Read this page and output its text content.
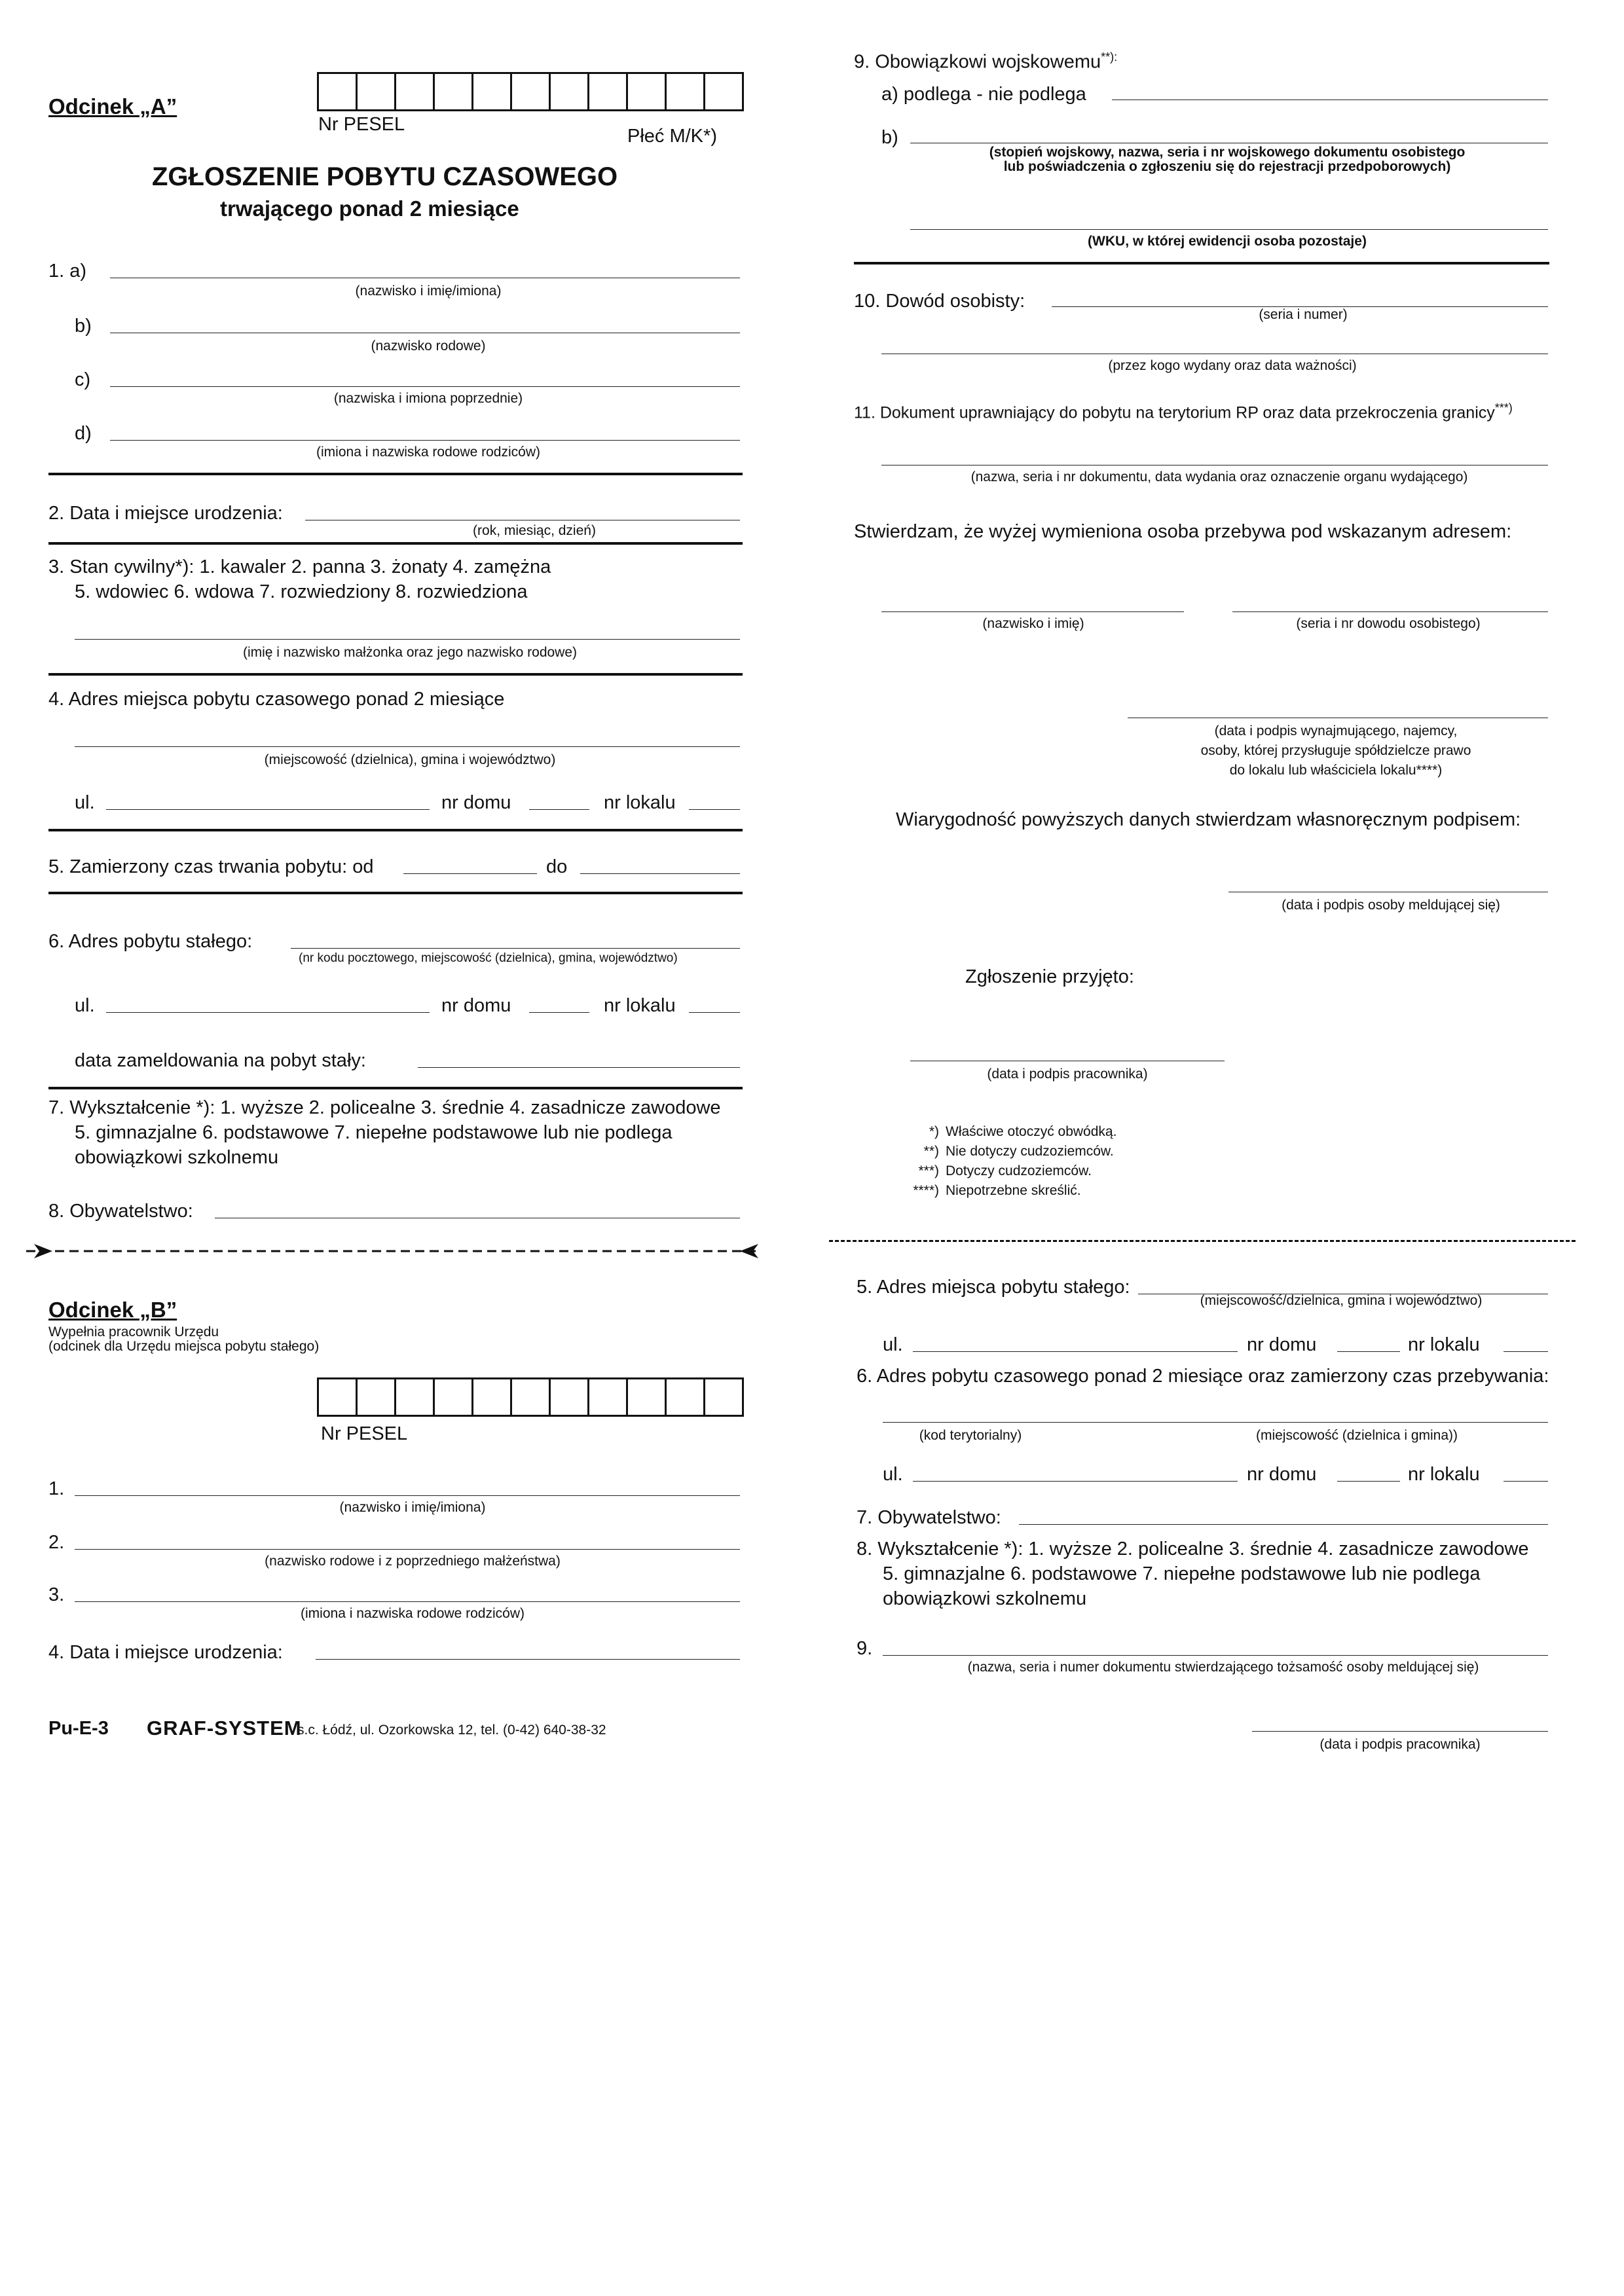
Odcinek „A”
Nr PESEL
Płeć M/K*)
ZGŁOSZENIE POBYTU CZASOWEGO
trwającego ponad 2 miesiące
1. a)
(nazwisko i imię/imiona)
b)
(nazwisko rodowe)
c)
(nazwiska i imiona poprzednie)
d)
(imiona i nazwiska rodowe rodziców)
2. Data i miejsce urodzenia:
(rok, miesiąc, dzień)
3. Stan cywilny*): 1. kawaler 2. panna 3. żonaty 4. zamężna
5. wdowiec 6. wdowa 7. rozwiedziony 8. rozwiedziona
(imię i nazwisko małżonka oraz jego nazwisko rodowe)
4. Adres miejsca pobytu czasowego ponad 2 miesiące
(miejscowość (dzielnica), gmina i województwo)
ul.	nr domu	nr lokalu
5. Zamierzony czas trwania pobytu: od	do
6. Adres pobytu stałego:
(nr kodu pocztowego, miejscowość (dzielnica), gmina, województwo)
ul.	nr domu	nr lokalu
data zameldowania na pobyt stały:
7. Wykształcenie *): 1. wyższe 2. policealne 3. średnie 4. zasadnicze zawodowe
5. gimnazjalne 6. podstawowe 7. niepełne podstawowe lub nie podlega
obowiązkowi szkolnemu
8. Obywatelstwo:
Odcinek „B”
Wypełnia pracownik Urzędu
(odcinek dla Urzędu miejsca pobytu stałego)
Nr PESEL
1.
(nazwisko i imię/imiona)
2.
(nazwisko rodowe i z poprzedniego małżeństwa)
3.
(imiona i nazwiska rodowe rodziców)
4. Data i miejsce urodzenia:
Pu-E-3 GRAF-SYSTEM
s.c. Łódź, ul. Ozorkowska 12, tel. (0-42) 640-38-32
9. Obowiązkowi wojskowemu**):
a) podlega - nie podlega
b)
(stopień wojskowy, nazwa, seria i nr wojskowego dokumentu osobistego
lub poświadczenia o zgłoszeniu się do rejestracji przedpoborowych)
(WKU, w której ewidencji osoba pozostaje)
10. Dowód osobisty:
(seria i numer)
(przez kogo wydany oraz data ważności)
11. Dokument uprawniający do pobytu na terytorium RP oraz data przekroczenia granicy***)
(nazwa, seria i nr dokumentu, data wydania oraz oznaczenie organu wydającego)
Stwierdzam, że wyżej wymieniona osoba przebywa pod wskazanym adresem:
(nazwisko i imię)	(seria i nr dowodu osobistego)
(data i podpis wynajmującego, najemcy,
osoby, której przysługuje spółdzielcze prawo
do lokalu lub właściciela lokalu****)
Wiarygodność powyższych danych stwierdzam własnoręcznym podpisem:
(data i podpis osoby meldującej się)
Zgłoszenie przyjęto:
(data i podpis pracownika)
*) Właściwe otoczyć obwódką.
**) Nie dotyczy cudzoziemców.
***) Dotyczy cudzoziemców.
****) Niepotrzebne skreślić.
5. Adres miejsca pobytu stałego:
(miejscowość/dzielnica, gmina i województwo)
ul.	nr domu	nr lokalu
6. Adres pobytu czasowego ponad 2 miesiące oraz zamierzony czas przebywania:
(kod terytorialny)	(miejscowość (dzielnica i gmina))
ul.	nr domu	nr lokalu
7. Obywatelstwo:
8. Wykształcenie *): 1. wyższe 2. policealne 3. średnie 4. zasadnicze zawodowe
5. gimnazjalne 6. podstawowe 7. niepełne podstawowe lub nie podlega
obowiązkowi szkolnemu
9.
(nazwa, seria i numer dokumentu stwierdzającego tożsamość osoby meldującej się)
(data i podpis pracownika)
